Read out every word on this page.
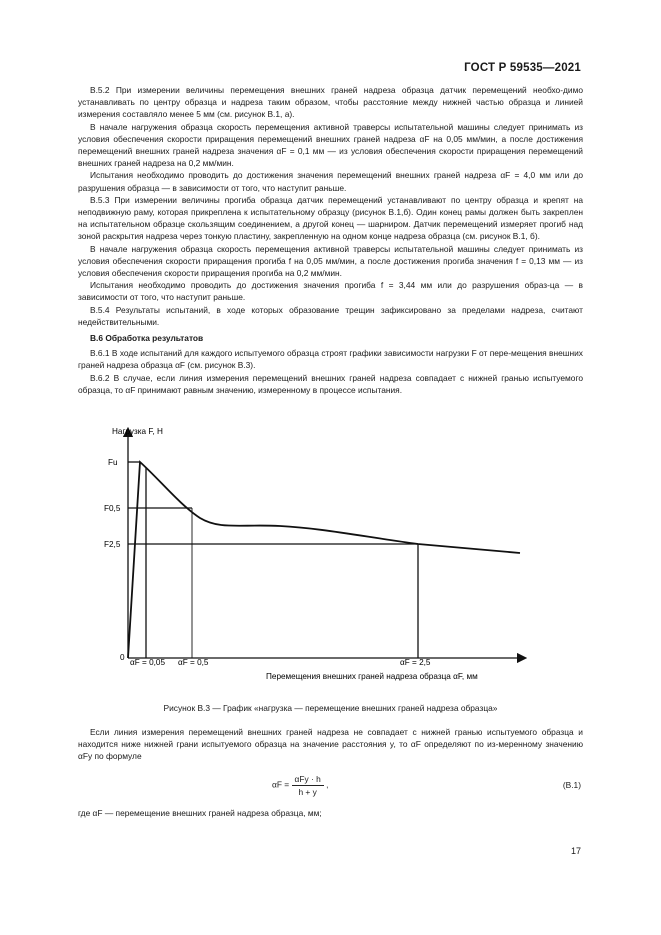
ГОСТ Р 59535—2021

В.5.2 При измерении величины перемещения внешних граней надреза образца датчик перемещений необхо-димо устанавливать по центру образца и надреза таким образом, чтобы расстояние между нижней частью образца и линией измерения составляло менее 5 мм (см. рисунок В.1, а).

В начале нагружения образца скорость перемещения активной траверсы испытательной машины следует принимать из условия обеспечения скорости приращения перемещений внешних граней надреза αF на 0,05 мм/мин, а после достижения перемещений внешних граней надреза значения αF = 0,1 мм — из условия обеспечения скорости приращения перемещений внешних граней надреза на 0,2 мм/мин.

Испытания необходимо проводить до достижения значения перемещений внешних граней надреза αF = 4,0 мм или до разрушения образца — в зависимости от того, что наступит раньше.

В.5.3 При измерении величины прогиба образца датчик перемещений устанавливают по центру образца и крепят на неподвижную раму, которая прикреплена к испытательному образцу (рисунок В.1,б). Один конец рамы должен быть закреплен на испытательном образце скользящим соединением, а другой конец — шарниром. Датчик перемещений измеряет прогиб над зоной раскрытия надреза через тонкую пластину, закрепленную на одном конце надреза образца (см. рисунок В.1, б).

В начале нагружения образца скорость перемещения активной траверсы испытательной машины следует принимать из условия обеспечения скорости приращения прогиба f на 0,05 мм/мин, а после достижения прогиба значения f = 0,13 мм — из условия обеспечения скорости приращения прогиба на 0,2 мм/мин.

Испытания необходимо проводить до достижения значения прогиба f = 3,44 мм или до разрушения образ-ца — в зависимости от того, что наступит раньше.

В.5.4 Результаты испытаний, в ходе которых образование трещин зафиксировано за пределами надреза, считают недействительными.

В.6 Обработка результатов

В.6.1 В ходе испытаний для каждого испытуемого образца строят графики зависимости нагрузки F от пере-мещения внешних граней надреза образца αF (см. рисунок В.3).

В.6.2 В случае, если линия измерения перемещений внешних граней надреза совпадает с нижней гранью испытуемого образца, то αF принимают равным значению, измеренному в процессе испытания.

Нагрузка F, Н
Fu
F0,5
F2,5
0
αF = 0,05 αF = 0,5	αF = 2,5
Перемещения внешних граней надреза образца αF, мм
Рисунок В.3 — График «нагрузка — перемещение внешних граней надреза образца»

Если линия измерения перемещений внешних граней надреза не совпадает с нижней гранью испытуемого образца и находится ниже нижней грани испытуемого образца на значение расстояния y, то αF определяют по из-меренному значению αFy по формуле

$\alpha F = \frac{\text{αFy · h}}{h + y}$ ,	(В.1)
где αF — перемещение внешних граней надреза образца, мм;
17
